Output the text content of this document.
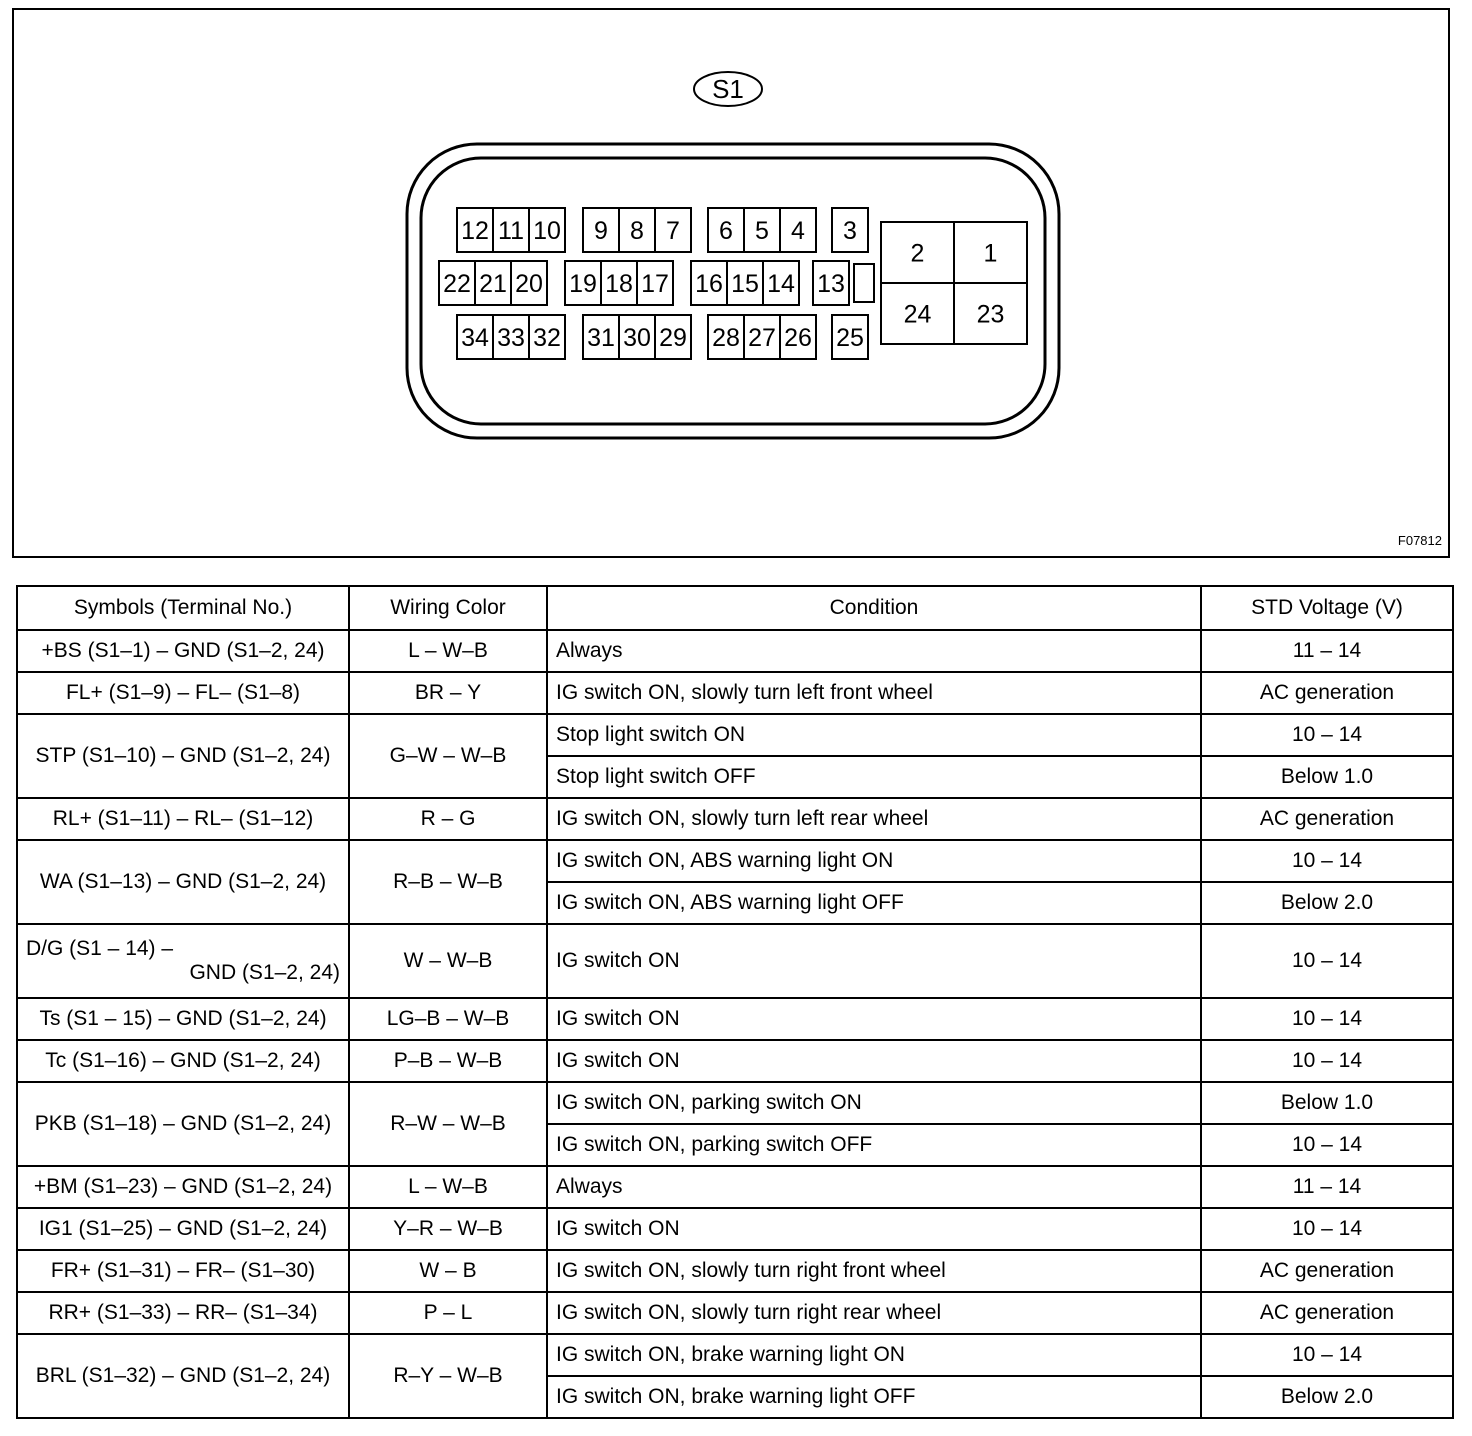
S1
12 11 10 9 8 7 6 5 4 3
22 21 20 19 18 17 16 15 14 13
34 33 32 31 30 29 28 27 26 25
2 1
24 23
F07812
Symbols (Terminal No.)	Wiring Color	Condition	STD Voltage (V)
+BS (S1–1) – GND (S1–2, 24)	L – W–B	Always	11 – 14
FL+ (S1–9) – FL– (S1–8)	BR – Y	IG switch ON, slowly turn left front wheel	AC generation
STP (S1–10) – GND (S1–2, 24)	G–W – W–B	Stop light switch ON	10 – 14
		Stop light switch OFF	Below 1.0
RL+ (S1–11) – RL– (S1–12)	R – G	IG switch ON, slowly turn left rear wheel	AC generation
WA (S1–13) – GND (S1–2, 24)	R–B – W–B	IG switch ON, ABS warning light ON	10 – 14
		IG switch ON, ABS warning light OFF	Below 2.0

D/G (S1 – 14) –
GND (S1–2, 24)	W – W–B	IG switch ON	10 – 14
Ts (S1 – 15) – GND (S1–2, 24)	LG–B – W–B	IG switch ON	10 – 14
Tc (S1–16) – GND (S1–2, 24)	P–B – W–B	IG switch ON	10 – 14
PKB (S1–18) – GND (S1–2, 24)	R–W – W–B	IG switch ON, parking switch ON	Below 1.0
		IG switch ON, parking switch OFF	10 – 14
+BM (S1–23) – GND (S1–2, 24)	L – W–B	Always	11 – 14
IG1 (S1–25) – GND (S1–2, 24)	Y–R – W–B	IG switch ON	10 – 14
FR+ (S1–31) – FR– (S1–30)	W – B	IG switch ON, slowly turn right front wheel	AC generation
RR+ (S1–33) – RR– (S1–34)	P – L	IG switch ON, slowly turn right rear wheel	AC generation
BRL (S1–32) – GND (S1–2, 24)	R–Y – W–B	IG switch ON, brake warning light ON	10 – 14
		IG switch ON, brake warning light OFF	Below 2.0
